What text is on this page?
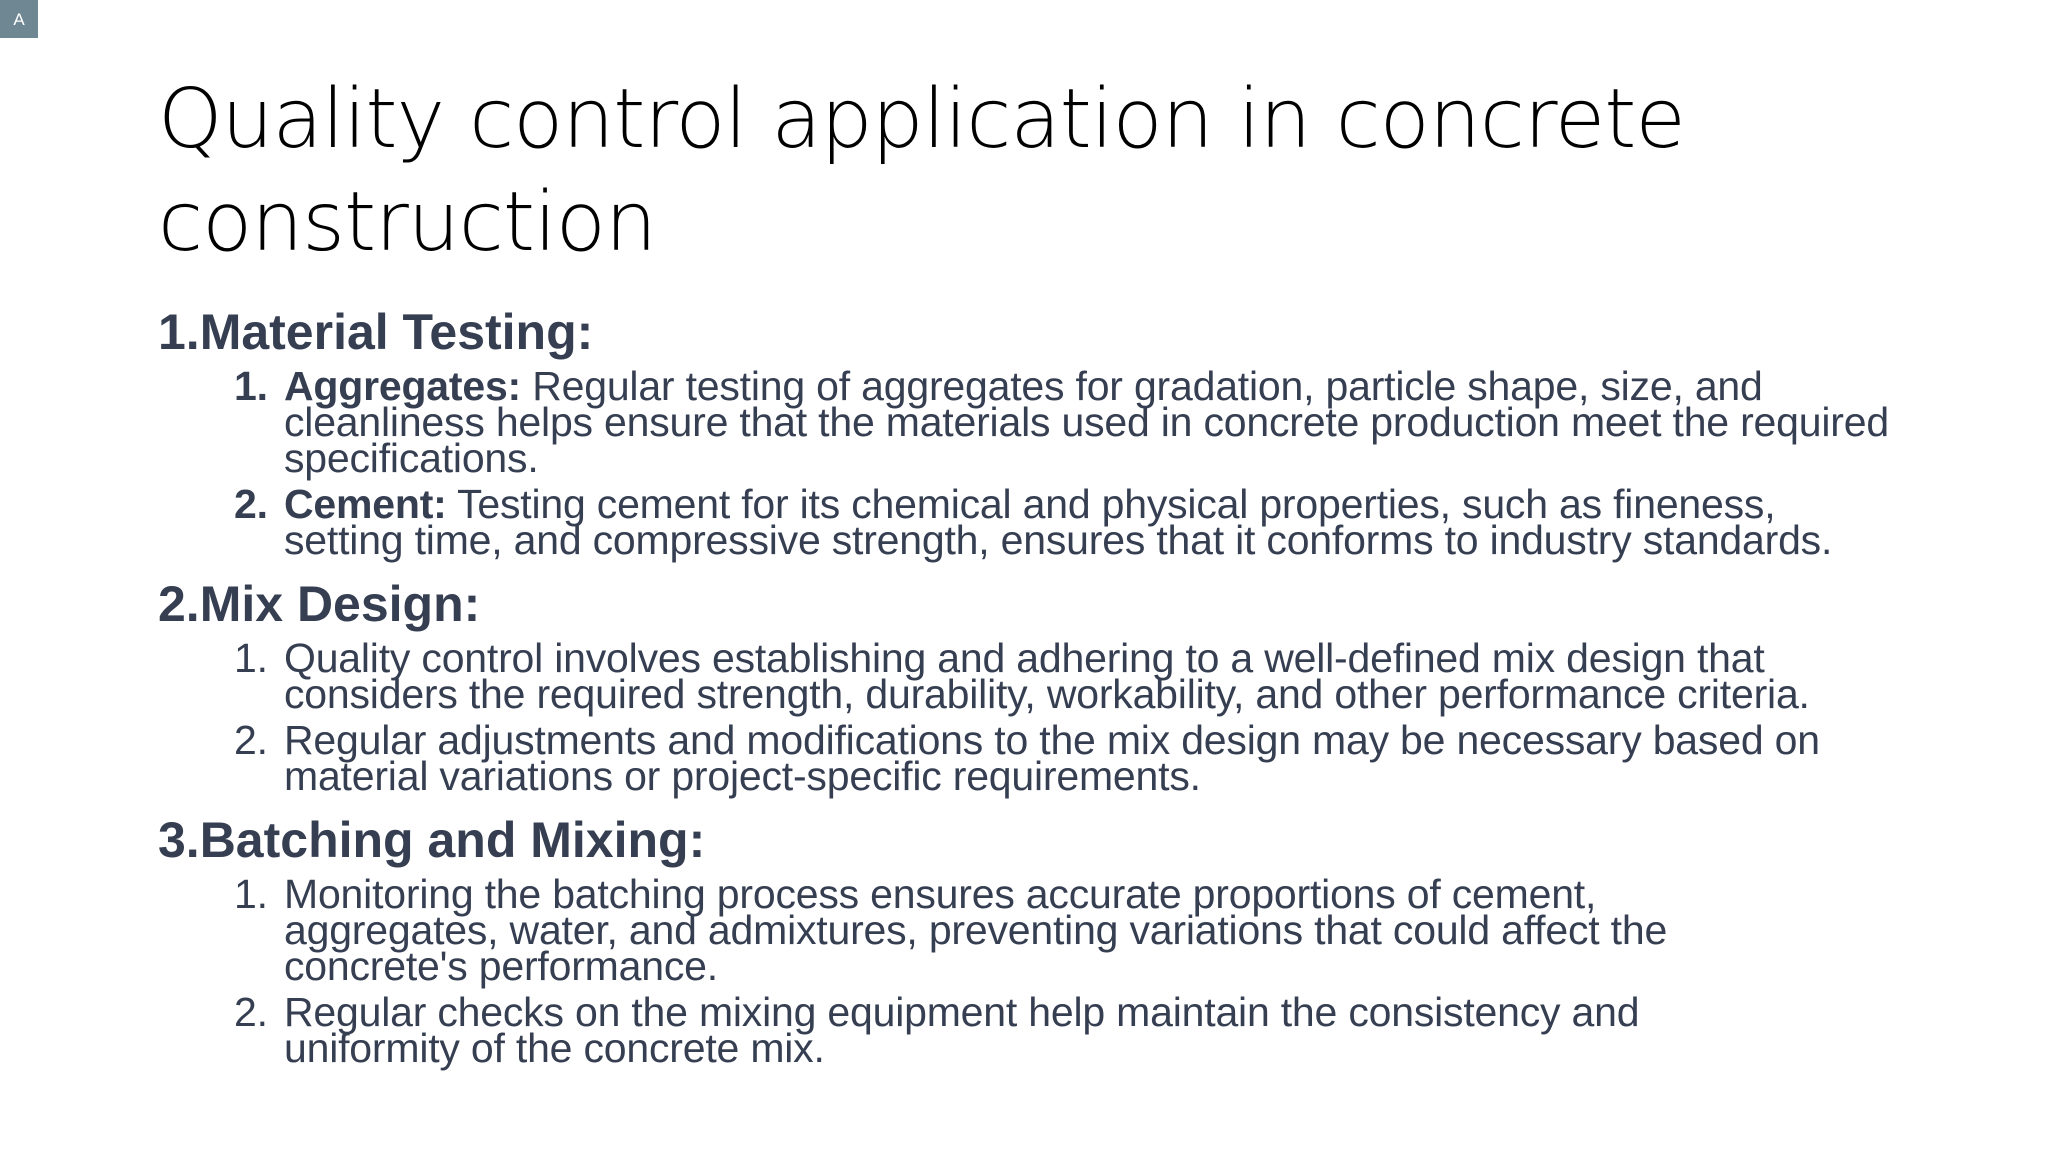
A
Quality control application in concrete construction
1.Material Testing:
1. Aggregates: Regular testing of aggregates for gradation, particle shape, size, and cleanliness helps ensure that the materials used in concrete production meet the required specifications.
2. Cement: Testing cement for its chemical and physical properties, such as fineness, setting time, and compressive strength, ensures that it conforms to industry standards.
2.Mix Design:
1. Quality control involves establishing and adhering to a well-defined mix design that considers the required strength, durability, workability, and other performance criteria.
2. Regular adjustments and modifications to the mix design may be necessary based on material variations or project-specific requirements.
3.Batching and Mixing:
1. Monitoring the batching process ensures accurate proportions of cement, aggregates, water, and admixtures, preventing variations that could affect the concrete's performance.
2. Regular checks on the mixing equipment help maintain the consistency and uniformity of the concrete mix.
